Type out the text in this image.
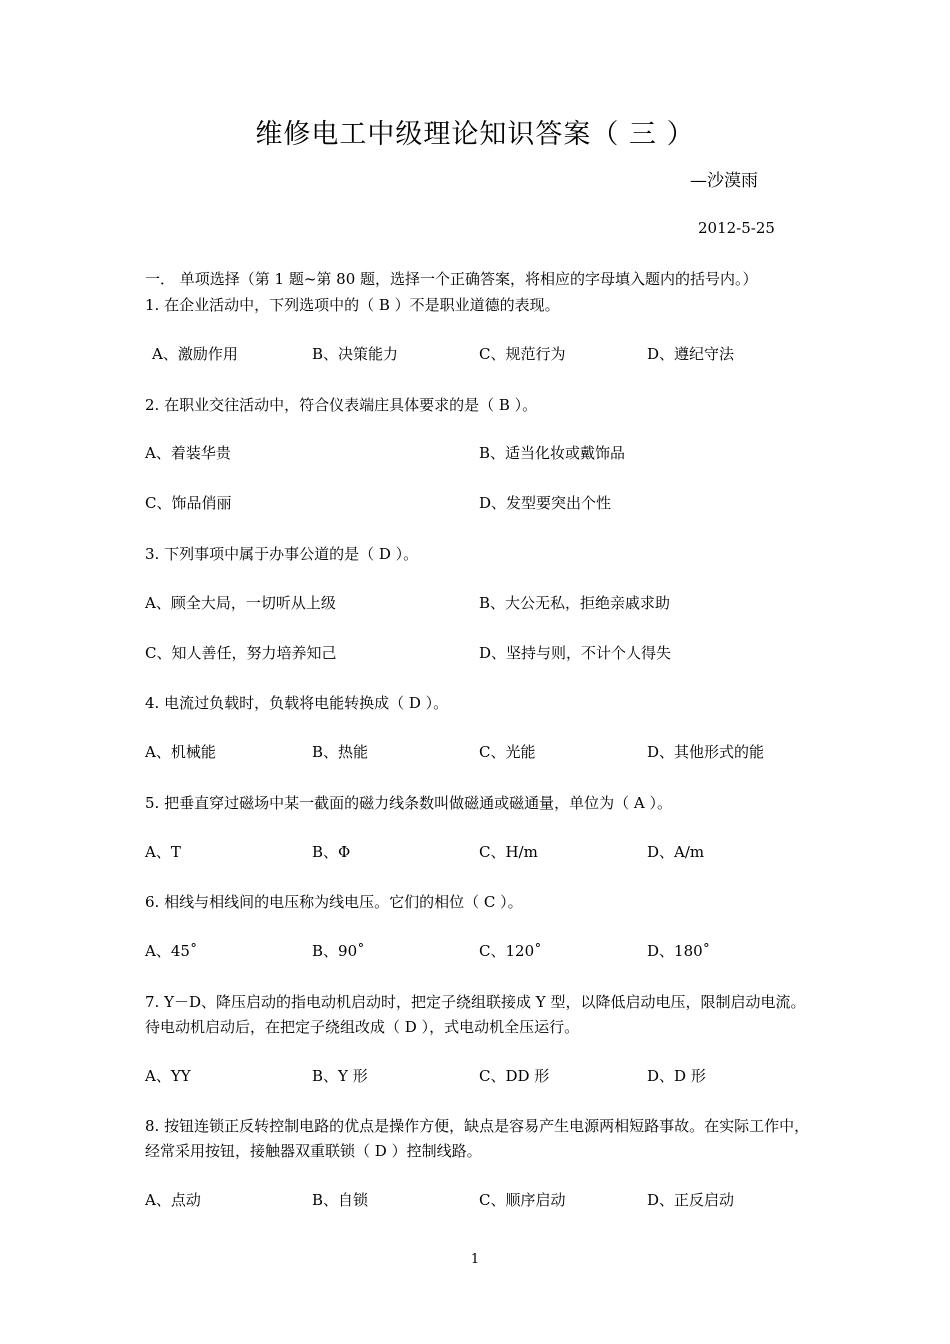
维修电工中级理论知识答案（ 三 ）
—沙漠雨
2012-5-25
一． 单项选择（第 1 题~第 80 题，选择一个正确答案，将相应的字母填入题内的括号内。）
1. 在企业活动中，下列选项中的（ B ）不是职业道德的表现。
A、激励作用	B、决策能力	C、规范行为	D、遵纪守法
2. 在职业交往活动中，符合仪表端庄具体要求的是（ B ）。
A、着装华贵	B、适当化妆或戴饰品
C、饰品俏丽	D、发型要突出个性
3. 下列事项中属于办事公道的是（ D ）。
A、顾全大局，一切听从上级	B、大公无私，拒绝亲戚求助
C、知人善任，努力培养知己	D、坚持与则，不计个人得失
4. 电流过负载时，负载将电能转换成（ D ）。
A、机械能	B、热能	C、光能	D、其他形式的能
5. 把垂直穿过磁场中某一截面的磁力线条数叫做磁通或磁通量，单位为（ A ）。
A、T	B、Φ	C、H/m	D、A/m
6. 相线与相线间的电压称为线电压。它们的相位（ C ）。
A、45˚	B、90˚	C、120˚	D、180˚
7. Y－D、降压启动的指电动机启动时，把定子绕组联接成 Y 型，以降低启动电压，限制启动电流。待电动机启动后，在把定子绕组改成（ D ），式电动机全压运行。
A、YY	B、Y 形	C、DD 形	D、D 形
8. 按钮连锁正反转控制电路的优点是操作方便，缺点是容易产生电源两相短路事故。在实际工作中，经常采用按钮，接触器双重联锁（ D ）控制线路。
A、点动	B、自锁	C、顺序启动	D、正反启动
1
